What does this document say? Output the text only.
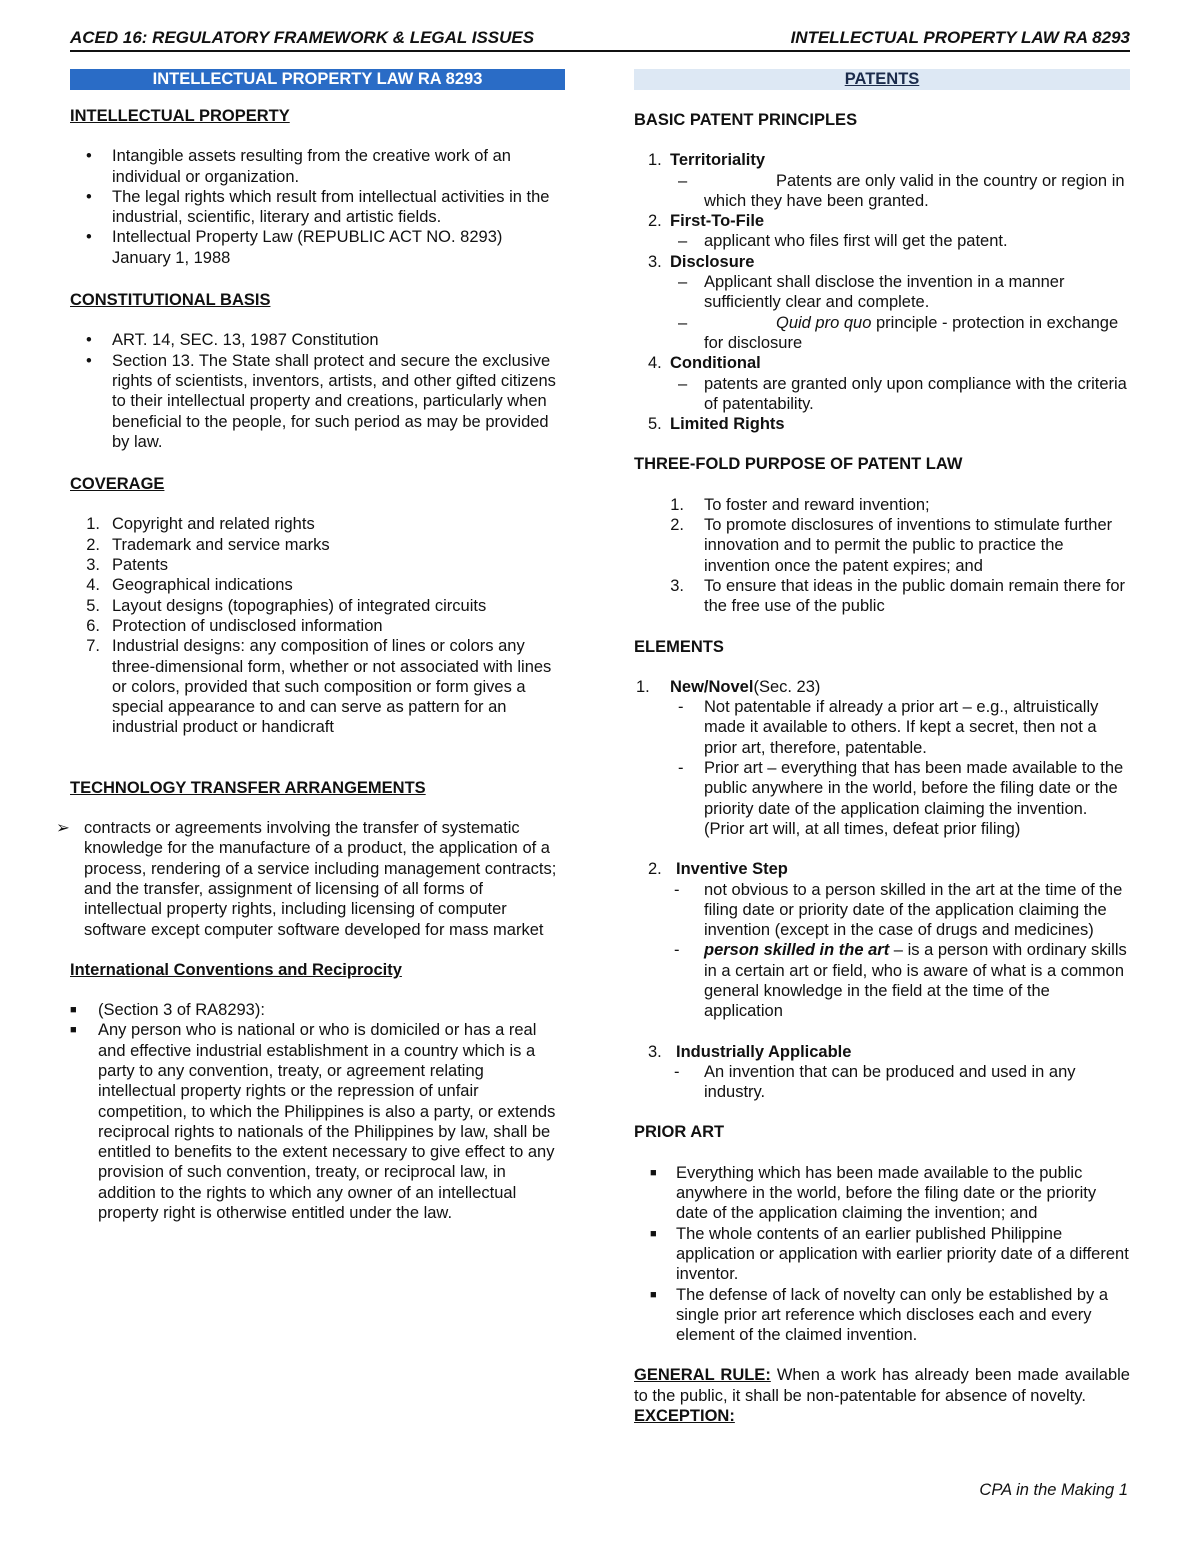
ACED 16: REGULATORY FRAMEWORK & LEGAL ISSUES	INTELLECTUAL PROPERTY LAW RA 8293
INTELLECTUAL PROPERTY LAW RA 8293
INTELLECTUAL PROPERTY
• Intangible assets resulting from the creative work of an individual or organization.
• The legal rights which result from intellectual activities in the industrial, scientific, literary and artistic fields.
• Intellectual Property Law (REPUBLIC ACT NO. 8293) January 1, 1988
CONSTITUTIONAL BASIS
• ART. 14, SEC. 13, 1987 Constitution
• Section 13. The State shall protect and secure the exclusive rights of scientists, inventors, artists, and other gifted citizens to their intellectual property and creations, particularly when beneficial to the people, for such period as may be provided by law.
COVERAGE
1. Copyright and related rights
2. Trademark and service marks
3. Patents
4. Geographical indications
5. Layout designs (topographies) of integrated circuits
6. Protection of undisclosed information
7. Industrial designs: any composition of lines or colors any three-dimensional form, whether or not associated with lines or colors, provided that such composition or form gives a special appearance to and can serve as pattern for an industrial product or handicraft
TECHNOLOGY TRANSFER ARRANGEMENTS
➢ contracts or agreements involving the transfer of systematic knowledge for the manufacture of a product, the application of a process, rendering of a service including management contracts; and the transfer, assignment of licensing of all forms of intellectual property rights, including licensing of computer software except computer software developed for mass market
International Conventions and Reciprocity
■ (Section 3 of RA8293):
■ Any person who is national or who is domiciled or has a real and effective industrial establishment in a country which is a party to any convention, treaty, or agreement relating intellectual property rights or the repression of unfair competition, to which the Philippines is also a party, or extends reciprocal rights to nationals of the Philippines by law, shall be entitled to benefits to the extent necessary to give effect to any provision of such convention, treaty, or reciprocal law, in addition to the rights to which any owner of an intellectual property right is otherwise entitled under the law.
PATENTS
BASIC PATENT PRINCIPLES
1. Territoriality
–	Patents are only valid in the country or region in which they have been granted.
2. First-To-File
– applicant who files first will get the patent.
3. Disclosure
– Applicant shall disclose the invention in a manner sufficiently clear and complete.
–	Quid pro quo principle - protection in exchange for disclosure
4. Conditional
– patents are granted only upon compliance with the criteria of patentability.
5. Limited Rights
THREE-FOLD PURPOSE OF PATENT LAW
1. To foster and reward invention;
2. To promote disclosures of inventions to stimulate further innovation and to permit the public to practice the invention once the patent expires; and
3. To ensure that ideas in the public domain remain there for the free use of the public
ELEMENTS
1. New/Novel(Sec. 23)
- Not patentable if already a prior art – e.g., altruistically made it available to others. If kept a secret, then not a prior art, therefore, patentable.
- Prior art – everything that has been made available to the public anywhere in the world, before the filing date or the priority date of the application claiming the invention. (Prior art will, at all times, defeat prior filing)
2. Inventive Step
- not obvious to a person skilled in the art at the time of the filing date or priority date of the application claiming the invention (except in the case of drugs and medicines)
- person skilled in the art – is a person with ordinary skills in a certain art or field, who is aware of what is a common general knowledge in the field at the time of the application
3. Industrially Applicable
- An invention that can be produced and used in any industry.
PRIOR ART
■ Everything which has been made available to the public anywhere in the world, before the filing date or the priority date of the application claiming the invention; and
■ The whole contents of an earlier published Philippine application or application with earlier priority date of a different inventor.
■ The defense of lack of novelty can only be established by a single prior art reference which discloses each and every element of the claimed invention.
GENERAL RULE: When a work has already been made available to the public, it shall be non-patentable for absence of novelty.
EXCEPTION:
CPA in the Making 1
